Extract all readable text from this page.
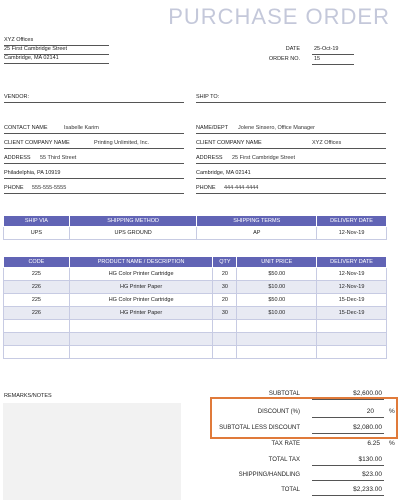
PURCHASE ORDER
XYZ Offices
25 First Cambridge Street
Cambridge, MA 02141
DATE	25-Oct-19
ORDER NO.	15
VENDOR:
CONTACT NAME	Isabelle Karim
CLIENT COMPANY NAME	Printing Unlimited, Inc.
ADDRESS 55 Third Street
Philadelphia, PA 10919
PHONE 555-555-5555
SHIP TO:
NAME/DEPT Jolene Sinsero, Office Manager
CLIENT COMPANY NAME	XYZ Offices
ADDRESS 25 First Cambridge Street
Cambridge, MA 02141
PHONE 444-444-4444
SHIP VIA	SHIPPING METHOD	SHIPPING TERMS	DELIVERY DATE
UPS	UPS GROUND	AP	12-Nov-19
CODE	PRODUCT NAME / DESCRIPTION	QTY	UNIT PRICE	DELIVERY DATE
225	HG Color Printer Cartridge	20	$50.00	12-Nov-19
226	HG Printer Paper	30	$10.00	12-Nov-19
225	HG Color Printer Cartridge	20	$50.00	15-Dec-19
226	HG Printer Paper	30	$10.00	15-Dec-19

REMARKS/NOTES	SUBTOTAL	$2,600.00
DISCOUNT (%)	20 %
SUBTOTAL LESS DISCOUNT	$2,080.00
TAX RATE	6.25 %
TOTAL TAX	$130.00
SHIPPING/HANDLING	$23.00
TOTAL	$2,233.00
